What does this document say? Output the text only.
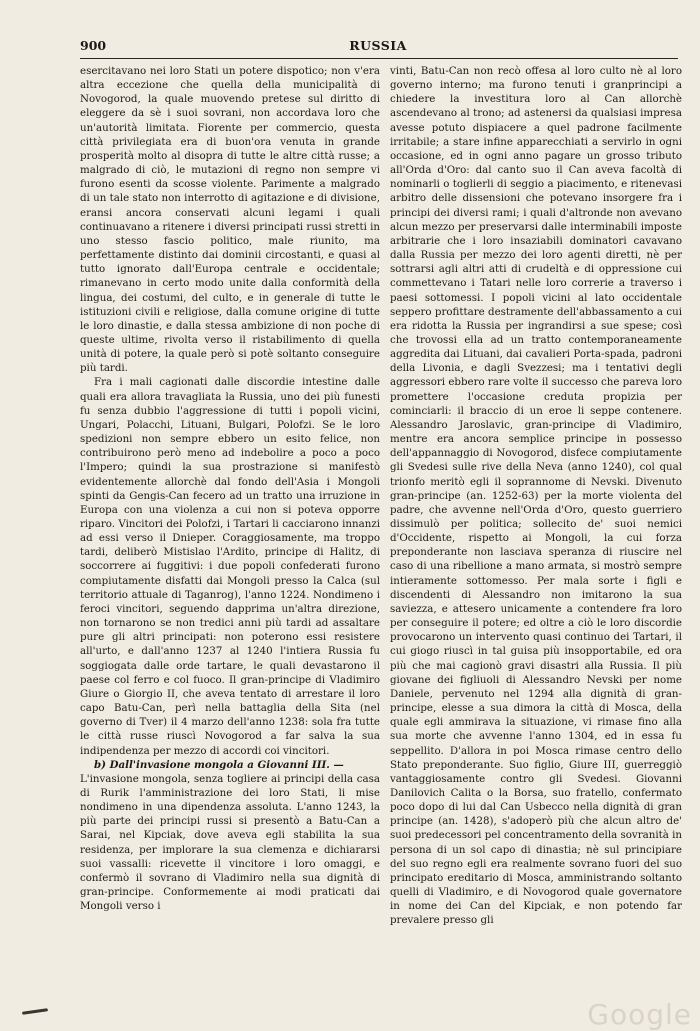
900	RUSSIA

esercitavano nei loro Stati un potere dispotico; non v'era altra eccezione che quella della municipalità di Novogorod, la quale muovendo pretese sul diritto di eleggere da sè i suoi sovrani, non accordava loro che un'autorità limitata. Fiorente per commercio, questa città privilegiata era di buon'ora venuta in grande prosperità molto al disopra di tutte le altre città russe; a malgrado di ciò, le mutazioni di regno non sempre vi furono esenti da scosse violente. Parimente a malgrado di un tale stato non interrotto di agitazione e di divisione, eransi ancora conservati alcuni legami i quali continuavano a ritenere i diversi principati russi stretti in uno stesso fascio politico, male riunito, ma perfettamente distinto dai dominii circostanti, e quasi al tutto ignorato dall'Europa centrale e occidentale; rimanevano in certo modo unite dalla conformità della lingua, dei costumi, del culto, e in generale di tutte le istituzioni civili e religiose, dalla comune origine di tutte le loro dinastie, e dalla stessa ambizione di non poche di queste ultime, rivolta verso il ristabilimento di quella unità di potere, la quale però si potè soltanto conseguire più tardi.

Fra i mali cagionati dalle discordie intestine dalle quali era allora travagliata la Russia, uno dei più funesti fu senza dubbio l'aggressione di tutti i popoli vicini, Ungari, Polacchi, Lituani, Bulgari, Polofzi. Se le loro spedizioni non sempre ebbero un esito felice, non contribuirono però meno ad indebolire a poco a poco l'Impero; quindi la sua prostrazione si manifestò evidentemente allorchè dal fondo dell'Asia i Mongoli spinti da Gengis-Can fecero ad un tratto una irruzione in Europa con una violenza a cui non si poteva opporre riparo. Vincitori dei Polofzi, i Tartari li cacciarono innanzi ad essi verso il Dnieper. Coraggiosamente, ma troppo tardi, deliberò Mistislao l'Ardito, principe di Halitz, di soccorrere ai fuggitivi: i due popoli confederati furono compiutamente disfatti dai Mongoli presso la Calca (sul territorio attuale di Taganrog), l'anno 1224. Nondimeno i feroci vincitori, seguendo dapprima un'altra direzione, non tornarono se non tredici anni più tardi ad assaltare pure gli altri principati: non poterono essi resistere all'urto, e dall'anno 1237 al 1240 l'intiera Russia fu soggiogata dalle orde tartare, le quali devastarono il paese col ferro e col fuoco. Il gran-principe di Vladimiro Giure o Giorgio II, che aveva tentato di arrestare il loro capo Batu-Can, perì nella battaglia della Sita (nel governo di Tver) il 4 marzo dell'anno 1238: sola fra tutte le città russe riuscì Novogorod a far salva la sua indipendenza per mezzo di accordi coi vincitori.

b) Dall'invasione mongola a Giovanni III. —

L'invasione mongola, senza togliere ai principi della casa di Rurik l'amministrazione dei loro Stati, li mise nondimeno in una dipendenza assoluta. L'anno 1243, la più parte dei principi russi si presentò a Batu-Can a Sarai, nel Kipciak, dove aveva egli stabilita la sua residenza, per implorare la sua clemenza e dichiararsi suoi vassalli: ricevette il vincitore i loro omaggi, e confermò il sovrano di Vladimiro nella sua dignità di gran-principe. Conformemente ai modi praticati dai Mongoli verso i

vinti, Batu-Can non recò offesa al loro culto nè al loro governo interno; ma furono tenuti i granprincipi a chiedere la investitura loro al Can allorchè ascendevano al trono; ad astenersi da qualsiasi impresa avesse potuto dispiacere a quel padrone facilmente irritabile; a stare infine apparecchiati a servirlo in ogni occasione, ed in ogni anno pagare un grosso tributo all'Orda d'Oro: dal canto suo il Can aveva facoltà di nominarli o toglierli di seggio a piacimento, e ritenevasi arbitro delle dissensioni che potevano insorgere fra i principi dei diversi rami; i quali d'altronde non avevano alcun mezzo per preservarsi dalle interminabili imposte arbitrarie che i loro insaziabili dominatori cavavano dalla Russia per mezzo dei loro agenti diretti, nè per sottrarsi agli altri atti di crudeltà e di oppressione cui commettevano i Tatari nelle loro correrie a traverso i paesi sottomessi. I popoli vicini al lato occidentale seppero profittare destramente dell'abbassamento a cui era ridotta la Russia per ingrandirsi a sue spese; così che trovossi ella ad un tratto contemporaneamente aggredita dai Lituani, dai cavalieri Porta-spada, padroni della Livonia, e dagli Svezzesi; ma i tentativi degli aggressori ebbero rare volte il successo che pareva loro promettere l'occasione creduta propizia per cominciarli: il braccio di un eroe li seppe contenere. Alessandro Jaroslavic, gran-principe di Vladimiro, mentre era ancora semplice principe in possesso dell'appannaggio di Novogorod, disfece compiutamente gli Svedesi sulle rive della Neva (anno 1240), col qual trionfo meritò egli il soprannome di Nevski. Divenuto gran-principe (an. 1252-63) per la morte violenta del padre, che avvenne nell'Orda d'Oro, questo guerriero dissimulò per politica; sollecito de' suoi nemici d'Occidente, rispetto ai Mongoli, la cui forza preponderante non lasciava speranza di riuscire nel caso di una ribellione a mano armata, si mostrò sempre intieramente sottomesso. Per mala sorte i figli e discendenti di Alessandro non imitarono la sua saviezza, e attesero unicamente a contendere fra loro per conseguire il potere; ed oltre a ciò le loro discordie provocarono un intervento quasi continuo dei Tartari, il cui giogo riuscì in tal guisa più insopportabile, ed ora più che mai cagionò gravi disastri alla Russia. Il più giovane dei figliuoli di Alessandro Nevski per nome Daniele, pervenuto nel 1294 alla dignità di gran-principe, elesse a sua dimora la città di Mosca, della quale egli ammirava la situazione, vi rimase fino alla sua morte che avvenne l'anno 1304, ed in essa fu seppellito. D'allora in poi Mosca rimase centro dello Stato preponderante. Suo figlio, Giure III, guerreggiò vantaggiosamente contro gli Svedesi. Giovanni Danilovich Calita o la Borsa, suo fratello, confermato poco dopo di lui dal Can Usbecco nella dignità di gran principe (an. 1428), s'adoperò più che alcun altro de' suoi predecessori pel concentramento della sovranità in persona di un sol capo di dinastia; nè sul principiare del suo regno egli era realmente sovrano fuori del suo principato ereditario di Mosca, amministrando soltanto quelli di Vladimiro, e di Novogorod quale governatore in nome dei Can del Kipciak, e non potendo far prevalere presso gli

Google
